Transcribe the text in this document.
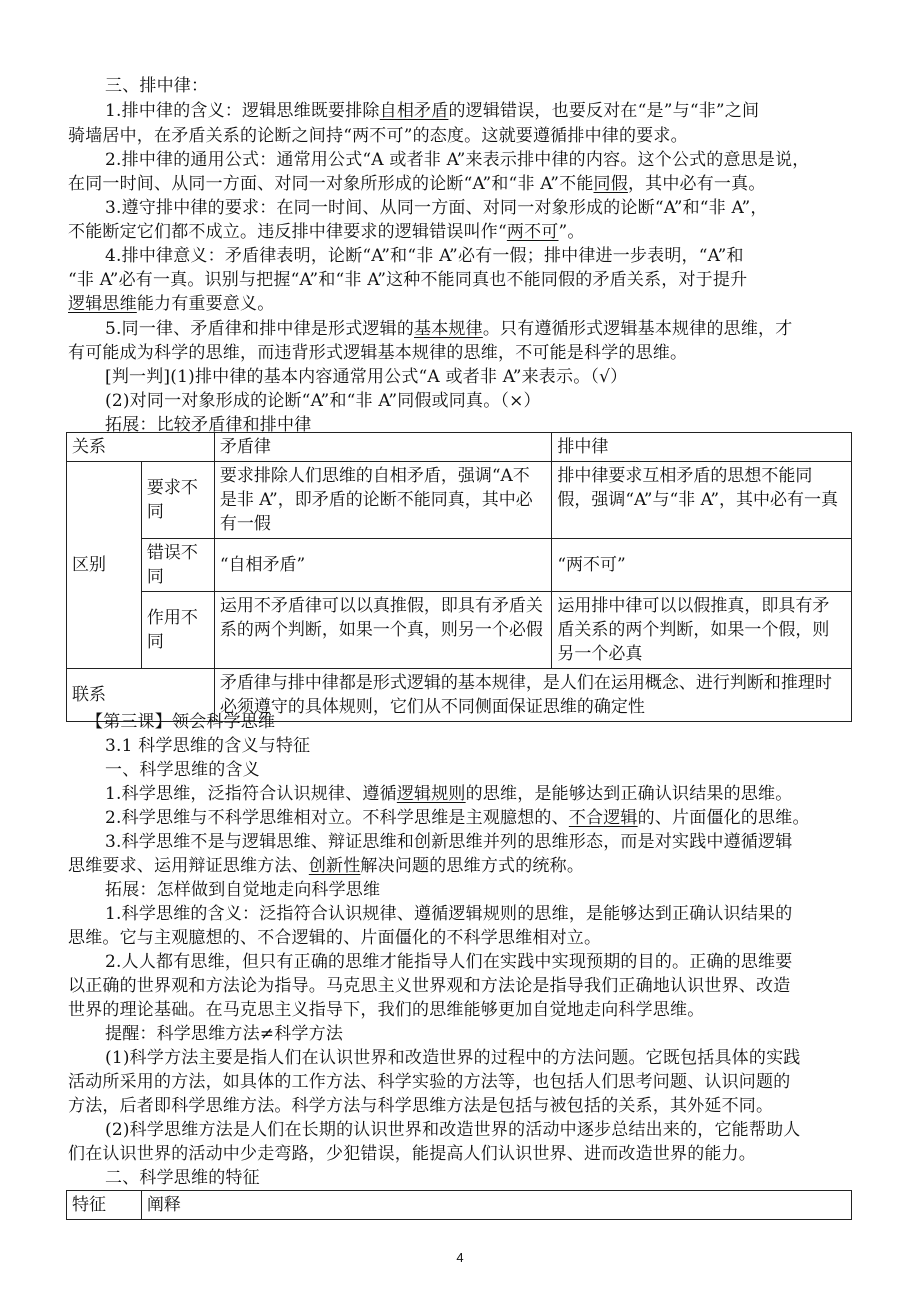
三、排中律：
1.排中律的含义：逻辑思维既要排除自相矛盾的逻辑错误，也要反对在“是”与“非”之间
骑墙居中，在矛盾关系的论断之间持“两不可”的态度。这就要遵循排中律的要求。
2.排中律的通用公式：通常用公式“A 或者非 A”来表示排中律的内容。这个公式的意思是说，
在同一时间、从同一方面、对同一对象所形成的论断“A”和“非 A”不能同假，其中必有一真。
3.遵守排中律的要求：在同一时间、从同一方面、对同一对象形成的论断“A”和“非 A”，
不能断定它们都不成立。违反排中律要求的逻辑错误叫作“两不可”。
4.排中律意义：矛盾律表明，论断“A”和“非 A”必有一假；排中律进一步表明，“A”和
“非 A”必有一真。识别与把握“A”和“非 A”这种不能同真也不能同假的矛盾关系，对于提升
逻辑思维能力有重要意义。
5.同一律、矛盾律和排中律是形式逻辑的基本规律。只有遵循形式逻辑基本规律的思维，才
有可能成为科学的思维，而违背形式逻辑基本规律的思维，不可能是科学的思维。
[判一判](1)排中律的基本内容通常用公式“A 或者非 A”来表示。（√）
(2)对同一对象形成的论断“A”和“非 A”同假或同真。（×）
拓展：比较矛盾律和排中律
关系		矛盾律	排中律
区别	要求不同	要求排除人们思维的自相矛盾，强调“A不是非 A”，即矛盾的论断不能同真，其中必有一假	排中律要求互相矛盾的思想不能同假，强调“A”与“非 A”，其中必有一真
	错误不同	“自相矛盾”	“两不可”
	作用不同	运用不矛盾律可以以真推假，即具有矛盾关系的两个判断，如果一个真，则另一个必假	运用排中律可以以假推真，即具有矛盾关系的两个判断，如果一个假，则另一个必真
联系		矛盾律与排中律都是形式逻辑的基本规律，是人们在运用概念、进行判断和推理时必须遵守的具体规则，它们从不同侧面保证思维的确定性	
【第三课】领会科学思维
3.1 科学思维的含义与特征
一、科学思维的含义
1.科学思维，泛指符合认识规律、遵循逻辑规则的思维，是能够达到正确认识结果的思维。
2.科学思维与不科学思维相对立。不科学思维是主观臆想的、不合逻辑的、片面僵化的思维。
3.科学思维不是与逻辑思维、辩证思维和创新思维并列的思维形态，而是对实践中遵循逻辑
思维要求、运用辩证思维方法、创新性解决问题的思维方式的统称。
拓展：怎样做到自觉地走向科学思维
1.科学思维的含义：泛指符合认识规律、遵循逻辑规则的思维，是能够达到正确认识结果的
思维。它与主观臆想的、不合逻辑的、片面僵化的不科学思维相对立。
2.人人都有思维，但只有正确的思维才能指导人们在实践中实现预期的目的。正确的思维要
以正确的世界观和方法论为指导。马克思主义世界观和方法论是指导我们正确地认识世界、改造
世界的理论基础。在马克思主义指导下，我们的思维能够更加自觉地走向科学思维。
提醒：科学思维方法≠科学方法
(1)科学方法主要是指人们在认识世界和改造世界的过程中的方法问题。它既包括具体的实践
活动所采用的方法，如具体的工作方法、科学实验的方法等，也包括人们思考问题、认识问题的
方法，后者即科学思维方法。科学方法与科学思维方法是包括与被包括的关系，其外延不同。
(2)科学思维方法是人们在长期的认识世界和改造世界的活动中逐步总结出来的，它能帮助人
们在认识世界的活动中少走弯路，少犯错误，能提高人们认识世界、进而改造世界的能力。
二、科学思维的特征
特征	阐释
4
